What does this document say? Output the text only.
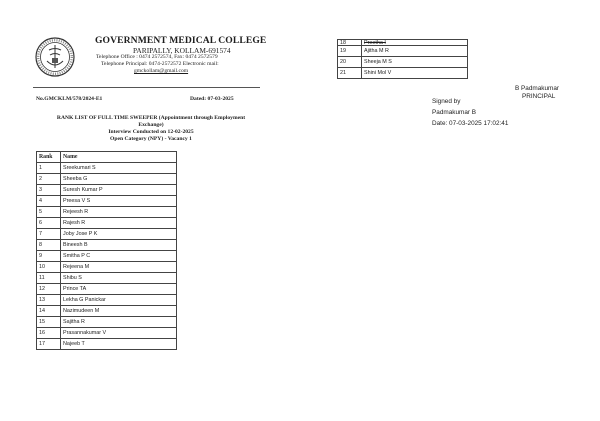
GOVERNMENT MEDICAL COLLEGE
PARIPALLY, KOLLAM-691574
Telephone Office : 0474 2572574, Fax: 0474 2572579
Telephone Principal: 0474-2572572 Electronic mail:
gmckollam@gmail.com
No.GMCKLM/578/2024-E1	Dated: 07-03-2025
RANK LIST OF FULL TIME SWEEPER (Appointment through Employment
Exchange)
Interview Conducted on 12-02-2025
Open Category (NPY) - Vacancy 1
Rank	Name
1	Sreekumari S
2	Sheeba G
3	Suresh Kumar P
4	Preesa V S
5	Rejeesh R
6	Rajesh R
7	Joby Jose P K
8	Bineesh B
9	Smitha P C
10	Rejeena M
11	Shibu S
12	Prince TA
13	Lekha G Panickar
14	Nazimudeen M
15	Sajitha R
16	Prasannakumar V
17	Najeeb T
18	Preetha I
19	Ajitha M R
20	Sheeja M S
21	Shini Mol V
B Padmakumar
PRINCIPAL
Signed by
Padmakumar B
Date: 07-03-2025 17:02:41
